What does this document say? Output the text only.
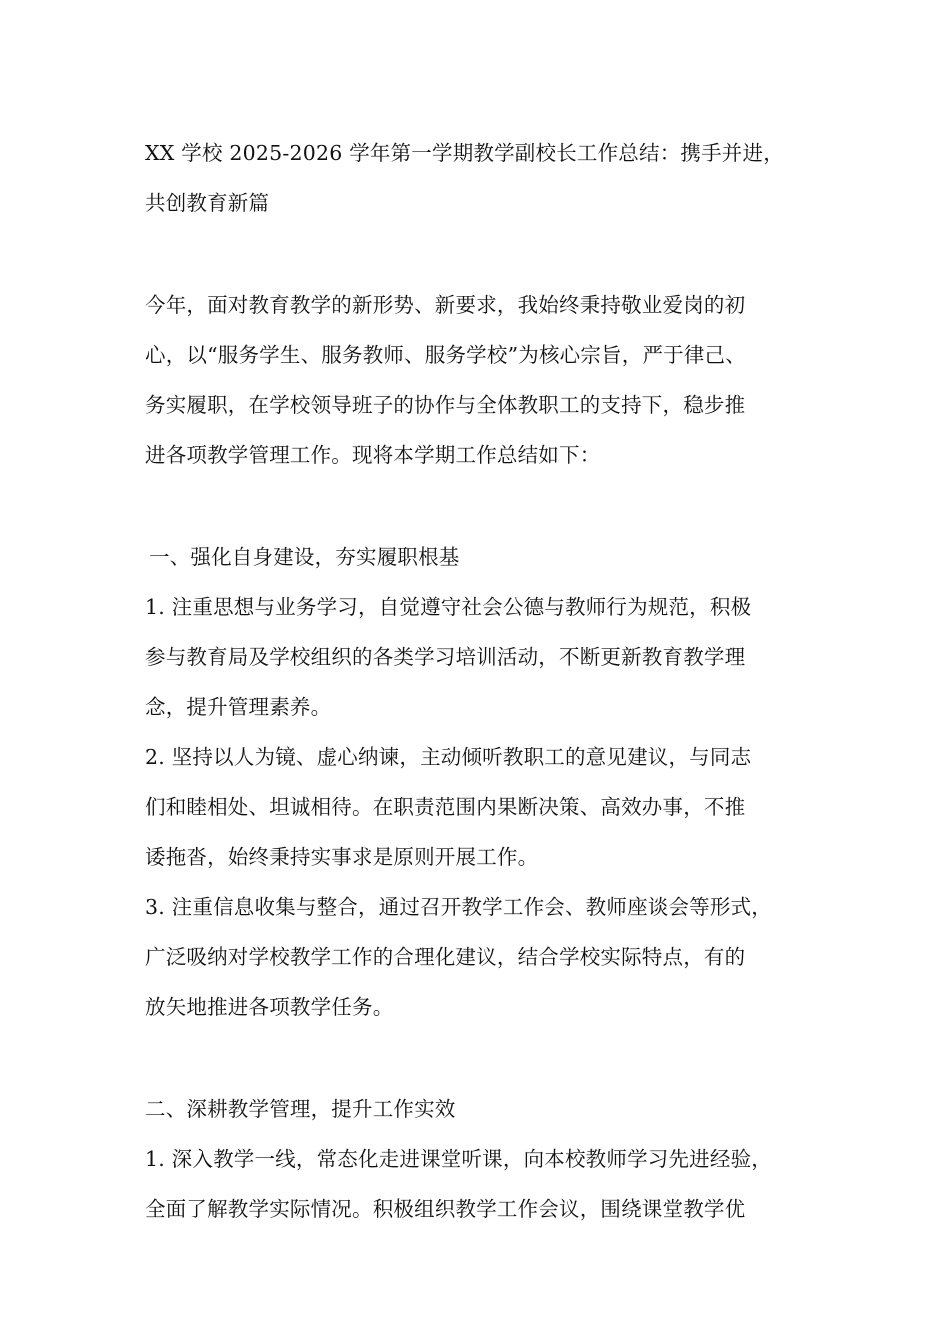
XX 学校 2025-2026 学年第一学期教学副校长工作总结：携手并进，
共创教育新篇
今年，面对教育教学的新形势、新要求，我始终秉持敬业爱岗的初
心，以“服务学生、服务教师、服务学校”为核心宗旨，严于律己、
务实履职，在学校领导班子的协作与全体教职工的支持下，稳步推
进各项教学管理工作。现将本学期工作总结如下：
一、强化自身建设，夯实履职根基
1. 注重思想与业务学习，自觉遵守社会公德与教师行为规范，积极
参与教育局及学校组织的各类学习培训活动，不断更新教育教学理
念，提升管理素养。
2. 坚持以人为镜、虚心纳谏，主动倾听教职工的意见建议，与同志
们和睦相处、坦诚相待。在职责范围内果断决策、高效办事，不推
诿拖沓，始终秉持实事求是原则开展工作。
3. 注重信息收集与整合，通过召开教学工作会、教师座谈会等形式，
广泛吸纳对学校教学工作的合理化建议，结合学校实际特点，有的
放矢地推进各项教学任务。
二、深耕教学管理，提升工作实效
1. 深入教学一线，常态化走进课堂听课，向本校教师学习先进经验，
全面了解教学实际情况。积极组织教学工作会议，围绕课堂教学优
